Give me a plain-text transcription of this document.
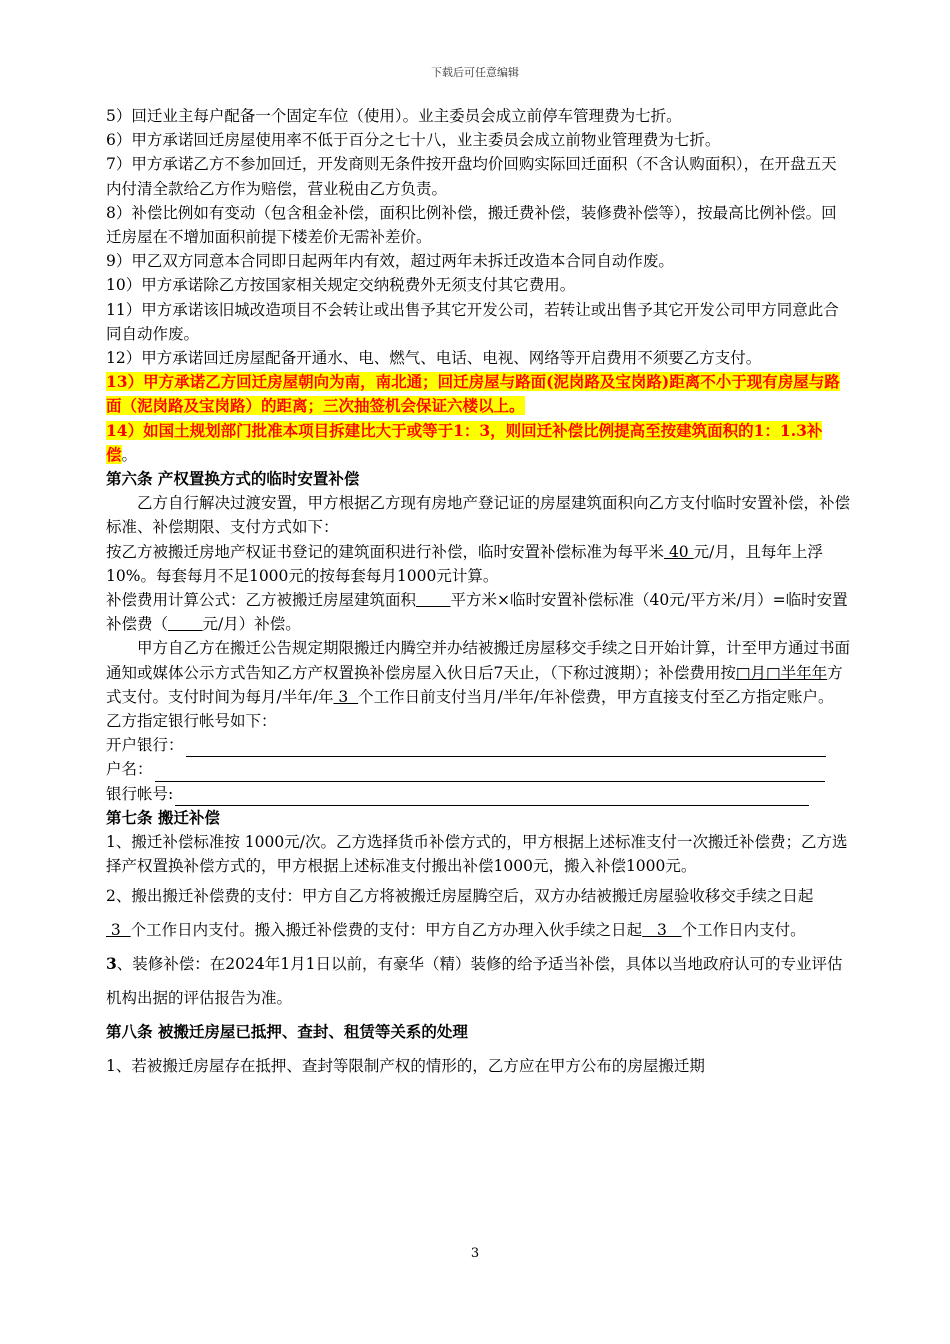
下载后可任意编辑

5）回迁业主每户配备一个固定车位（使用）。业主委员会成立前停车管理费为七折。

6）甲方承诺回迁房屋使用率不低于百分之七十八，业主委员会成立前物业管理费为七折。

7）甲方承诺乙方不参加回迁，开发商则无条件按开盘均价回购实际回迁面积（不含认购面积），在开盘五天内付清全款给乙方作为赔偿，营业税由乙方负责。

8）补偿比例如有变动（包含租金补偿，面积比例补偿，搬迁费补偿，装修费补偿等），按最高比例补偿。回迁房屋在不增加面积前提下楼差价无需补差价。

9）甲乙双方同意本合同即日起两年内有效，超过两年未拆迁改造本合同自动作废。

10）甲方承诺除乙方按国家相关规定交纳税费外无须支付其它费用。

11）甲方承诺该旧城改造项目不会转让或出售予其它开发公司，若转让或出售予其它开发公司甲方同意此合同自动作废。

12）甲方承诺回迁房屋配备开通水、电、燃气、电话、电视、网络等开启费用不须要乙方支付。

13）甲方承诺乙方回迁房屋朝向为南，南北通；回迁房屋与路面(泥岗路及宝岗路)距离不小于现有房屋与路面（泥岗路及宝岗路）的距离；三次抽签机会保证六楼以上。

14）如国土规划部门批准本项目拆建比大于或等于1：3，则回迁补偿比例提高至按建筑面积的1：1.3补偿。

第六条 产权置换方式的临时安置补偿

乙方自行解决过渡安置，甲方根据乙方现有房地产登记证的房屋建筑面积向乙方支付临时安置补偿，补偿标准、补偿期限、支付方式如下：

按乙方被搬迁房地产权证书登记的建筑面积进行补偿，临时安置补偿标准为每平米 40 元/月，且每年上浮10%。每套每月不足1000元的按每套每月1000元计算。

补偿费用计算公式：乙方被搬迁房屋建筑面积 平方米×临时安置补偿标准（40元/平方米/月）=临时安置补偿费（ 元/月）补偿。

甲方自乙方在搬迁公告规定期限搬迁内腾空并办结被搬迁房屋移交手续之日开始计算，计至甲方通过书面通知或媒体公示方式告知乙方产权置换补偿房屋入伙日后7天止，（下称过渡期）；补偿费用按□月□半年年方式支付。支付时间为每月/半年/年 3  个工作日前支付当月/半年/年补偿费，甲方直接支付至乙方指定账户。

乙方指定银行帐号如下：

开户银行：

户名：

银行帐号:

第七条 搬迁补偿

1、搬迁补偿标准按 1000元/次。乙方选择货币补偿方式的，甲方根据上述标准支付一次搬迁补偿费；乙方选择产权置换补偿方式的，甲方根据上述标准支付搬出补偿1000元，搬入补偿1000元。

2、搬出搬迁补偿费的支付：甲方自乙方将被搬迁房屋腾空后，双方办结被搬迁房屋验收移交手续之日起 3  个工作日内支付。搬入搬迁补偿费的支付：甲方自乙方办理入伙手续之日起   3   个工作日内支付。

3、装修补偿：在2024年1月1日以前，有豪华（精）装修的给予适当补偿，具体以当地政府认可的专业评估机构出据的评估报告为准。

第八条 被搬迁房屋已抵押、查封、租赁等关系的处理

1、若被搬迁房屋存在抵押、查封等限制产权的情形的，乙方应在甲方公布的房屋搬迁期

3
